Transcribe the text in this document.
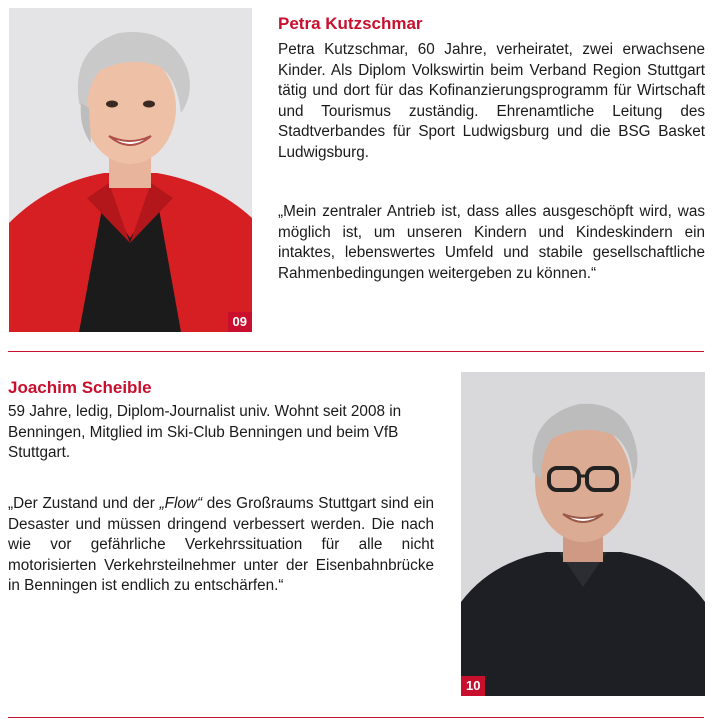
09
Petra Kutzschmar

Petra Kutzschmar, 60 Jahre, verheiratet, zwei erwachsene Kinder. Als Diplom Volkswirtin beim Verband Region Stuttgart tätig und dort für das Kofinanzierungsprogramm für Wirtschaft und Tourismus zuständig. Ehrenamtliche Leitung des Stadtverbandes für Sport Ludwigsburg und die BSG Basket Ludwigsburg.

„Mein zentraler Antrieb ist, dass alles ausgeschöpft wird, was möglich ist, um unseren Kindern und Kindeskindern ein intaktes, lebenswertes Umfeld und stabile gesellschaftliche Rahmenbedingungen weitergeben zu können.“

Joachim Scheible

59 Jahre, ledig, Diplom-Journalist univ. Wohnt seit 2008 in Benningen, Mitglied im Ski-Club Benningen und beim VfB Stuttgart.

„Der Zustand und der „Flow“ des Großraums Stuttgart sind ein Desaster und müssen dringend verbessert werden. Die nach wie vor gefährliche Verkehrssituation für alle nicht motorisierten Verkehrsteilnehmer unter der Eisenbahnbrücke in Benningen ist endlich zu entschärfen.“

10
